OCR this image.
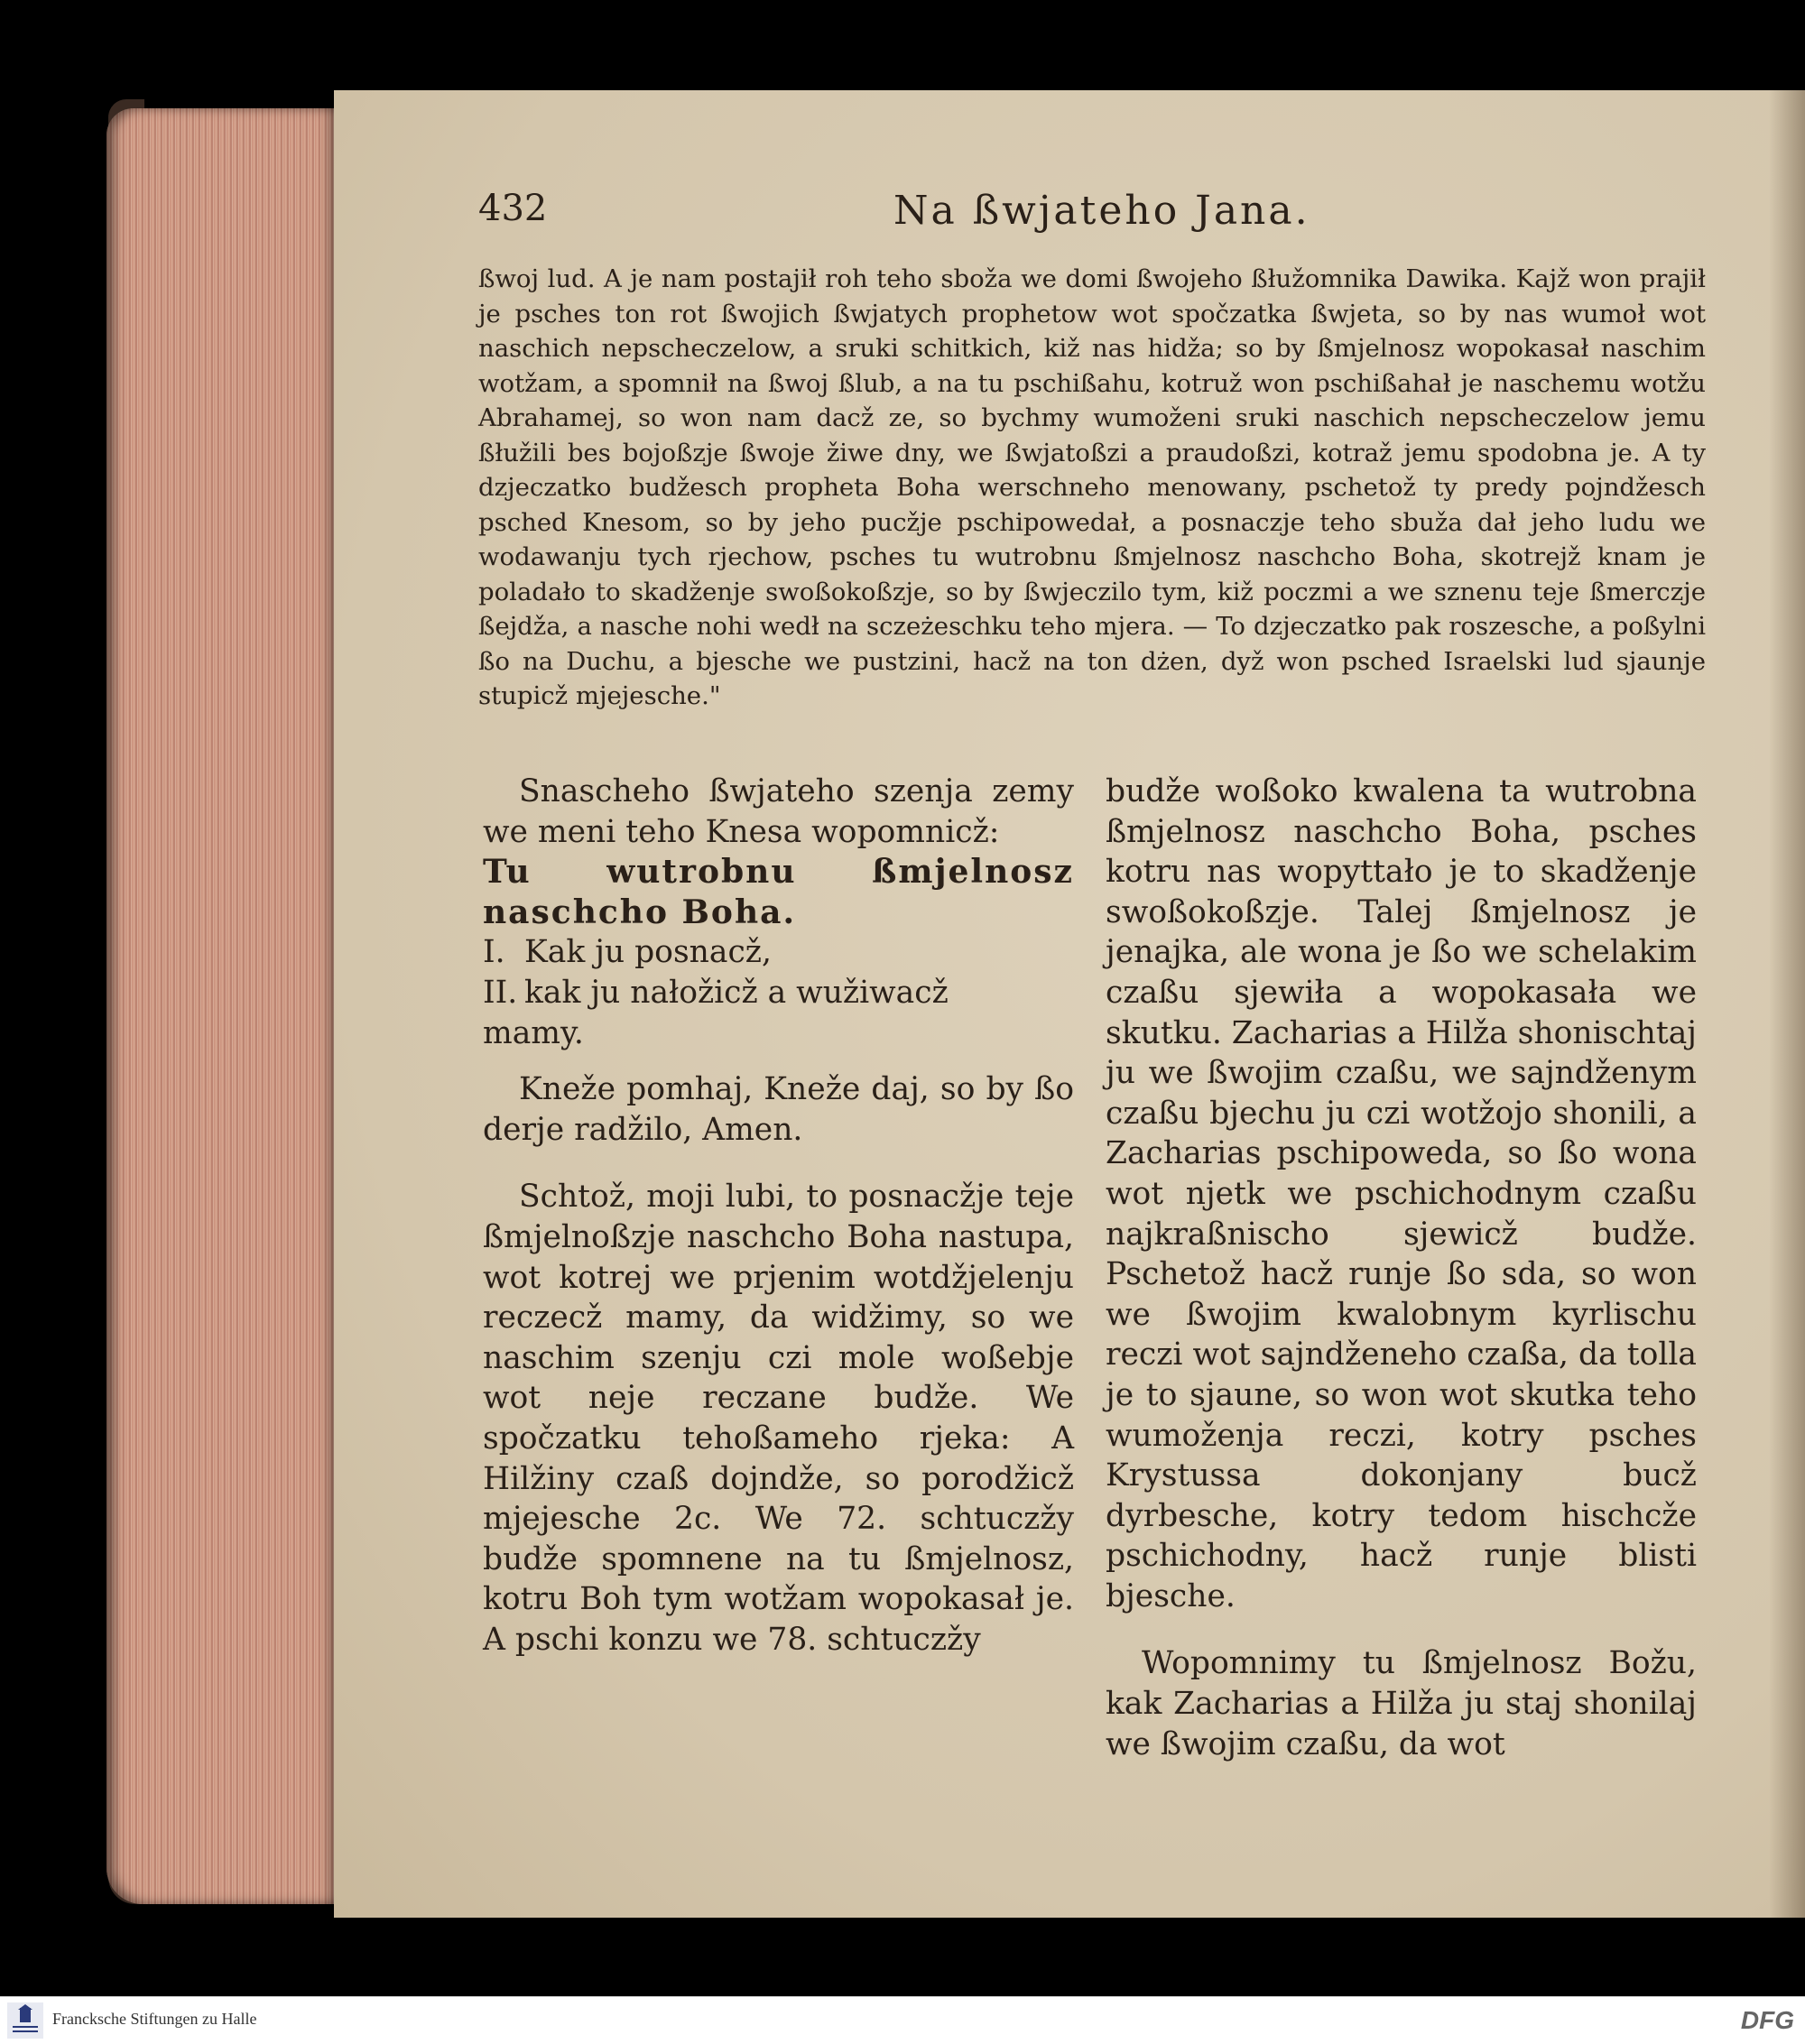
432	Na ßwjateho Jana.
ßwoj lud. A je nam postajił roh teho sboža we domi ßwojeho ßłužomnika Dawika. Kajž won prajił je psches ton rot ßwojich ßwjatych prophetow wot spočzatka ßwjeta, so by nas wumoł wot naschich nepscheczelow, a sruki schitkich, kiž nas hidža; so by ßmjelnosz wopokasał naschim wotžam, a spomnił na ßwoj ßlub, a na tu pschißahu, kotruž won pschißahał je naschemu wotžu Abrahamej, so won nam dacž ze, so bychmy wumoženi sruki naschich nepscheczelow jemu ßłužili bes bojoßzje ßwoje žiwe dny, we ßwjatoßzi a praudoßzi, kotraž jemu spodobna je. A ty dzjeczatko budžesch propheta Boha werschneho menowany, pschetož ty predy pojndžesch psched Knesom, so by jeho pucžje pschipowedał, a posnaczje teho sbuža dał jeho ludu we wodawanju tych rjechow, psches tu wutrobnu ßmjelnosz naschcho Boha, skotrejž knam je poladało to skadženje swoßokoßzje, so by ßwjeczilo tym, kiž poczmi a we sznenu teje ßmerczje ßejdža, a nasche nohi wedł na sczeżeschku teho mjera. — To dzjeczatko pak roszesche, a poßylni ßo na Duchu, a bjesche we pustzini, hacž na ton dżen, dyž won psched Israelski lud sjaunje stupicž mjejesche."

Snascheho ßwjateho szenja zemy we meni teho Knesa wopomnicž:

Tu wutrobnu ßmjelnosz naschcho Boha.

I. Kak ju posnacž,

II. kak ju nałožicž a wužiwacž

mamy.

Kneže pomhaj, Kneže daj, so by ßo derje radžilo, Amen.

Schtož, moji lubi, to posnacžje teje ßmjelnoßzje naschcho Boha nastupa, wot kotrej we prjenim wotdžjelenju reczecž mamy, da widžimy, so we naschim szenju czi mole woßebje wot neje reczane budže. We spočzatku tehoßameho rjeka: A Hilžiny czaß dojndže, so porodžicž mjejesche 2c. We 72. schtuczžy budže spomnene na tu ßmjelnosz, kotru Boh tym wotžam wopokasał je. A pschi konzu we 78. schtuczžy

budže woßoko kwalena ta wutrobna ßmjelnosz naschcho Boha, psches kotru nas wopyttało je to skadženje swoßokoßzje. Talej ßmjelnosz je jenajka, ale wona je ßo we schelakim czaßu sjewiła a wopokasała we skutku. Zacharias a Hilža shonischtaj ju we ßwojim czaßu, we sajndženym czaßu bjechu ju czi wotžojo shonili, a Zacharias pschipoweda, so ßo wona wot njetk we pschichodnym czaßu najkraßnischo sjewicž budže. Pschetož hacž runje ßo sda, so won we ßwojim kwalobnym kyrlischu reczi wot sajndženeho czaßa, da tolla je to sjaune, so won wot skutka teho wumoženja reczi, kotry psches Krystussa dokonjany bucž dyrbesche, kotry tedom hischcže pschichodny, hacž runje blisti bjesche.

Wopomnimy tu ßmjelnosz Božu, kak Zacharias a Hilža ju staj shonilaj we ßwojim czaßu, da wot

Francksche Stiftungen zu Halle	DFG
